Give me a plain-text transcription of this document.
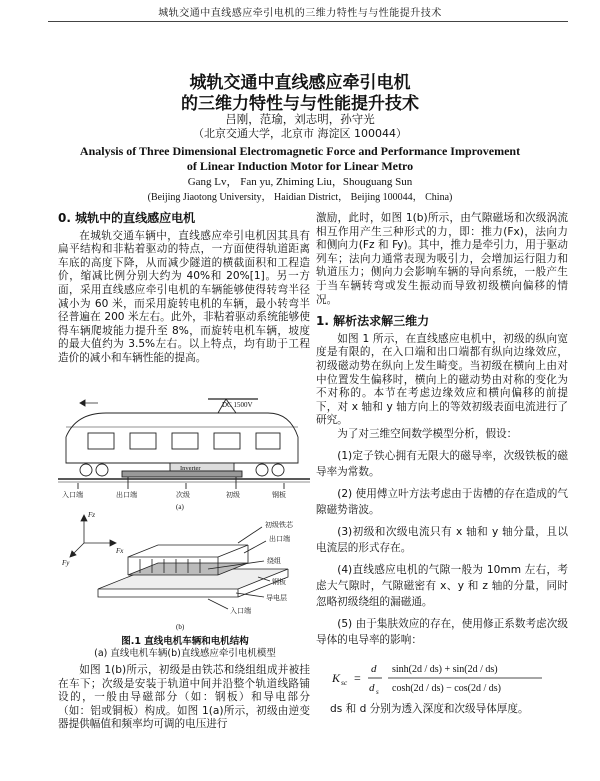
城轨交通中直线感应牵引电机的三维力特性与与性能提升技术
城轨交通中直线感应牵引电机
的三维力特性与与性能提升技术
吕刚，范瑜，刘志明，孙守光
（北京交通大学，北京市 海淀区 100044）
Analysis of Three Dimensional Electromagnetic Force and Performance Improvement
of Linear Induction Motor for Linear Metro
Gang Lv， Fan yu, Zhiming Liu，Shouguang Sun
(Beijing Jiaotong University， Haidian District， Beijing 100044， China)
0. 城轨中的直线感应电机

在城轨交通车辆中，直线感应牵引电机因其具有扁平结构和非粘着驱动的特点，一方面使得轨道距离车底的高度下降，从而减少隧道的横截面积和工程造价，缩减比例分别大约为 40%和 20%[1]。另一方面，采用直线感应牵引电机的车辆能够使得转弯半径减小为 60 米，而采用旋转电机的车辆，最小转弯半径普遍在 200 米左右。此外，非粘着驱动系统能够使得车辆爬坡能力提升至 8%，而旋转电机车辆，坡度的最大值约为 3.5%左右。以上特点，均有助于工程造价的减小和车辆性能的提高。

DC 1500V
Inverter
入口端	出口端	次级	初级	钢板
(a)
初级铁芯
出口端
绕组
钢板
导电层
入口端
Fz
Fx
Fy
(b)
图.1 直线电机车辆和电机结构
(a) 直线电机车辆(b)直线感应牵引电机模型

如图 1(b)所示，初级是由铁芯和绕组组成并被挂在车下；次级是安装于轨道中间并沿整个轨道线路铺设的，一般由导磁部分（如：钢板）和导电部分（如：铝或铜板）构成。如图 1(a)所示，初级由逆变器提供幅值和频率均可调的电压进行

激励，此时，如图 1(b)所示，由气隙磁场和次级涡流相互作用产生三种形式的力，即：推力(Fx)，法向力和侧向力(Fz 和 Fy)。其中，推力是牵引力，用于驱动列车；法向力通常表现为吸引力，会增加运行阻力和轨道压力；侧向力会影响车辆的导向系统，一般产生于当车辆转弯或发生振动而导致初级横向偏移的情况。

1. 解析法求解三维力

如图 1 所示，在直线感应电机中，初级的纵向宽度是有限的，在入口端和出口端都有纵向边缘效应，初级磁动势在纵向上发生畸变。当初级在横向上由对中位置发生偏移时，横向上的磁动势由对称的变化为不对称的。本节在考虑边缘效应和横向偏移的前提下，对 x 轴和 y 轴方向上的等效初级表面电流进行了研究。

为了对三维空间数学模型分析，假设：

(1)定子铁心拥有无限大的磁导率，次级铁板的磁导率为常数。

(2) 使用傅立叶方法考虑由于齿槽的存在造成的气隙磁势谐波。

(3)初级和次级电流只有 x 轴和 y 轴分量，且以电流层的形式存在。

(4)直线感应电机的气隙一般为 10mm 左右，考虑大气隙时，气隙磁密有 x、y 和 z 轴的分量，同时忽略初级绕组的漏磁通。

(5) 由于集肤效应的存在，使用修正系数考虑次级导体的电导率的影响：

K sc =
d
d s
sinh(2d / ds) + sin(2d / ds)
cosh(2d / ds) − cos(2d / ds)
ds 和 d 分别为透入深度和次级导体厚度。
